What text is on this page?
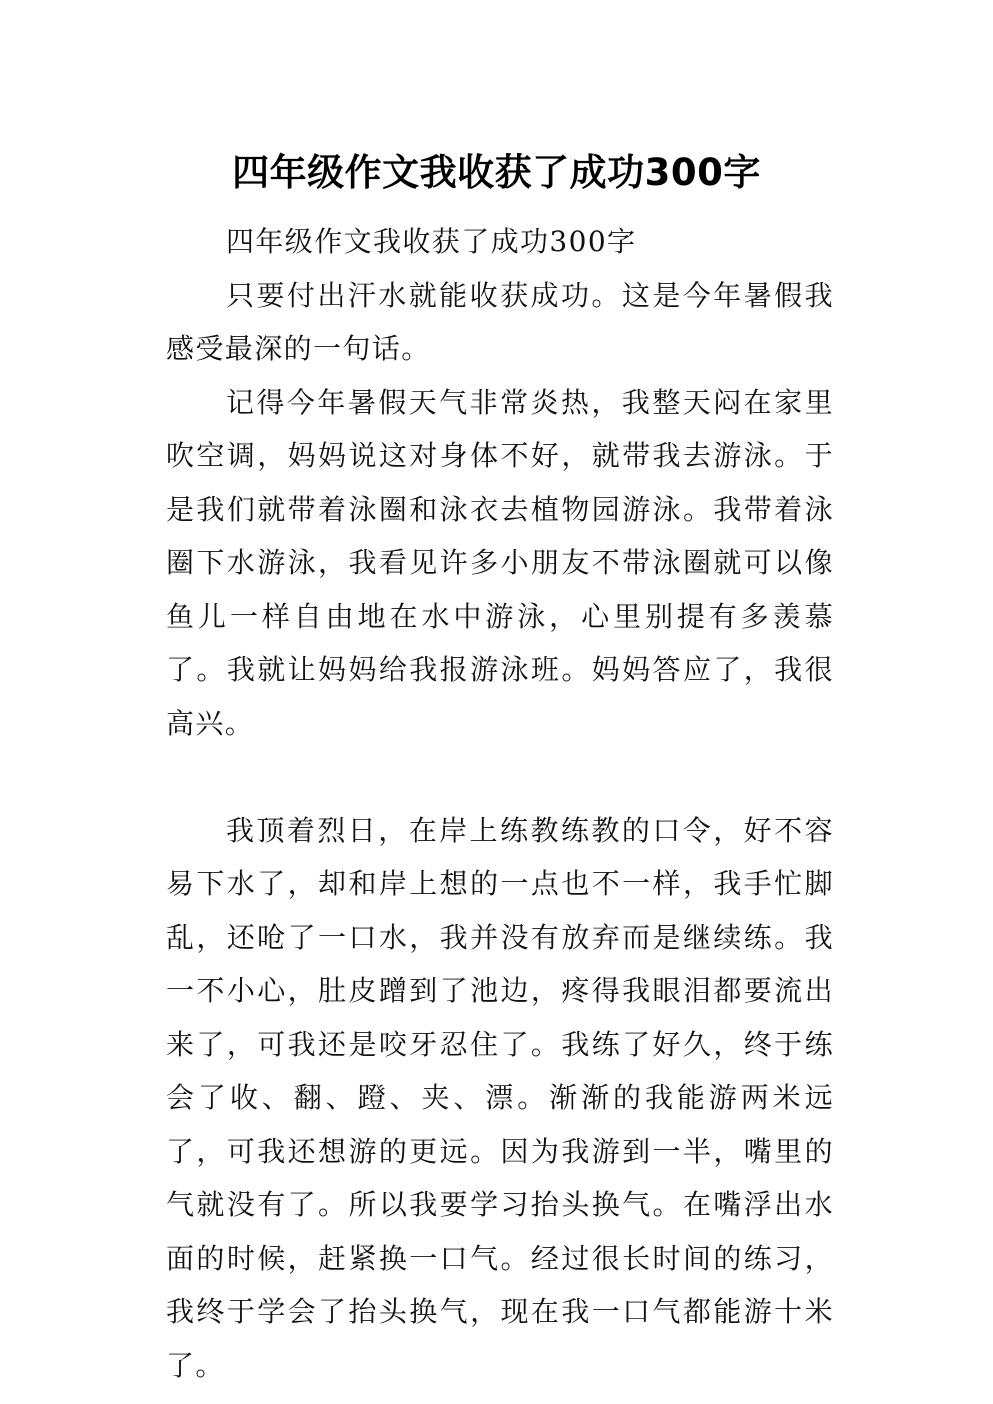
四年级作文我收获了成功300字

四年级作文我收获了成功300字

只要付出汗水就能收获成功。这是今年暑假我感受最深的一句话。

记得今年暑假天气非常炎热，我整天闷在家里吹空调，妈妈说这对身体不好，就带我去游泳。于是我们就带着泳圈和泳衣去植物园游泳。我带着泳圈下水游泳，我看见许多小朋友不带泳圈就可以像鱼儿一样自由地在水中游泳，心里别提有多羡慕了。我就让妈妈给我报游泳班。妈妈答应了，我很高兴。

我顶着烈日，在岸上练教练教的口令，好不容易下水了，却和岸上想的一点也不一样，我手忙脚乱，还呛了一口水，我并没有放弃而是继续练。我一不小心，肚皮蹭到了池边，疼得我眼泪都要流出来了，可我还是咬牙忍住了。我练了好久，终于练会了收、翻、蹬、夹、漂。渐渐的我能游两米远了，可我还想游的更远。因为我游到一半，嘴里的气就没有了。所以我要学习抬头换气。在嘴浮出水面的时候，赶紧换一口气。经过很长时间的练习，我终于学会了抬头换气，现在我一口气都能游十米了。
